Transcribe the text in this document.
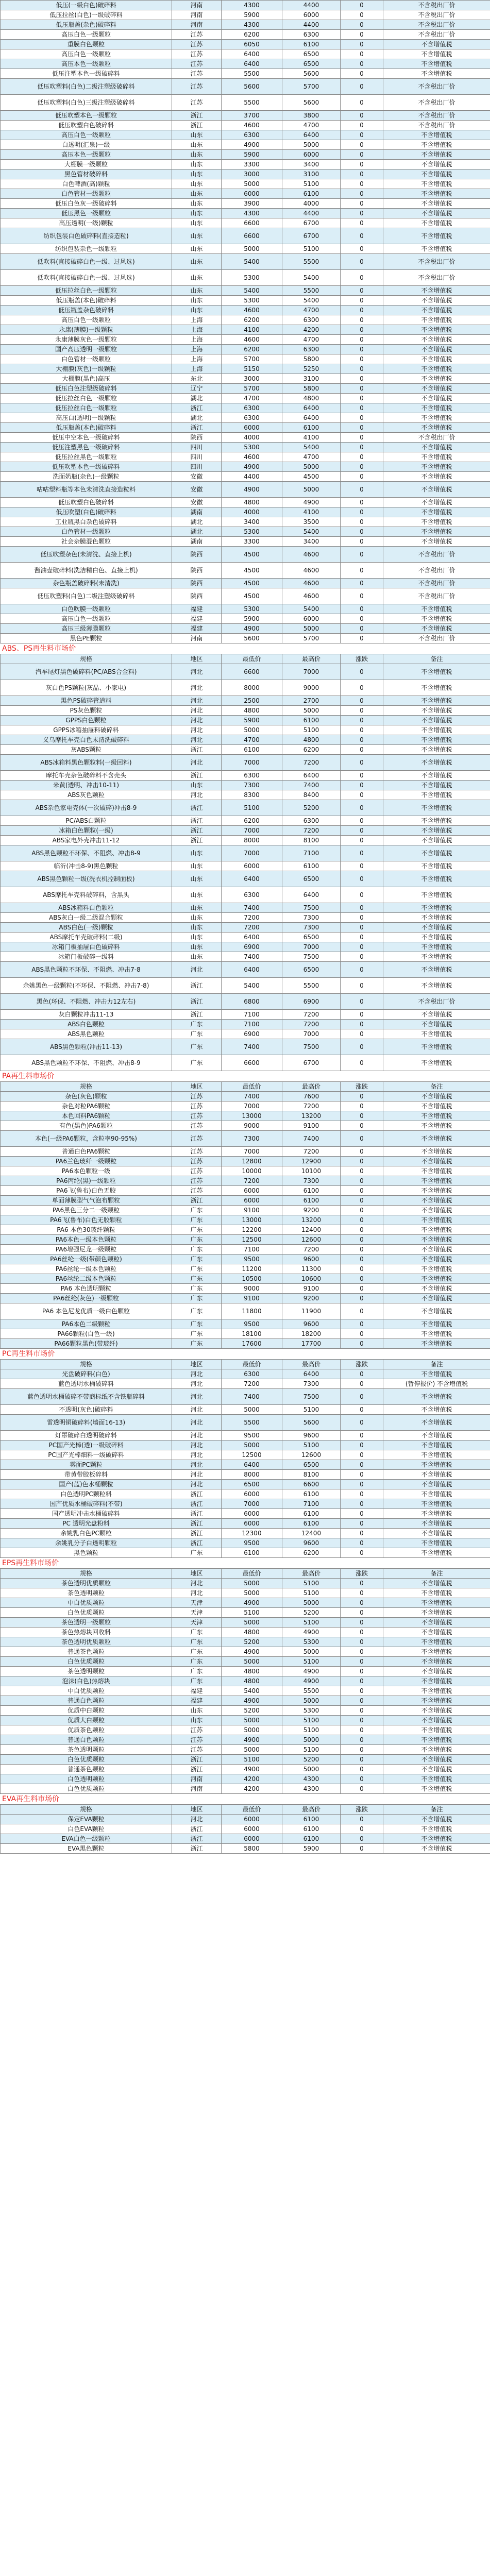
低压(一级白色)破碎料	河南	4300	4400	0	不含税出厂价
低压拉丝(白色)一级破碎料	河南	5900	6000	0	不含税出厂价
低压瓶盖(杂色)破碎料	河南	4300	4400	0	不含税出厂价
高压白色一级颗粒	江苏	6200	6300	0	不含税出厂价
重膜白色颗粒	江苏	6050	6100	0	不含增值税
高压白色一级颗粒	江苏	6400	6500	0	不含增值税
高压本色一级颗粒	江苏	6400	6500	0	不含增值税
低压注塑本色一级破碎料	江苏	5500	5600	0	不含增值税
低压吹塑料(白色)二级注塑级破碎料	江苏	5600	5700	0	不含税出厂价
低压吹塑料(白色)三级注塑级破碎料	江苏	5500	5600	0	不含税出厂价
低压吹塑本色一级颗粒	浙江	3700	3800	0	不含税出厂价
低压吹塑白色破碎料	浙江	4600	4700	0	不含税出厂价
高压白色一级颗粒	山东	6300	6400	0	不含增值税
白透明(汇泉)一级	山东	4900	5000	0	不含增值税
高压本色一级颗粒	山东	5900	6000	0	不含增值税
大棚膜一级颗粒	山东	3300	3400	0	不含增值税
黑色管材破碎料	山东	3000	3100	0	不含增值税
白色啤酒(高)颗粒	山东	5000	5100	0	不含增值税
白色管材一级颗粒	山东	6000	6100	0	不含增值税
低压白色灰一级破碎料	山东	3900	4000	0	不含增值税
低压黑色一级颗粒	山东	4300	4400	0	不含增值税
高压透明(一级)颗粒	山东	6600	6700	0	不含增值税
纺织包装白色破碎料(直接造粒)	山东	6600	6700	0	不含增值税
纺织包装杂色一级颗粒	山东	5000	5100	0	不含增值税
低吹料(直接破碎白色一级、过风选)	山东	5400	5500	0	不含税出厂价
低吹料(直接破碎白色一级、过风选)	山东	5300	5400	0	不含税出厂价
低压拉丝白色一级颗粒	山东	5400	5500	0	不含增值税
低压瓶盖(本色)破碎料	山东	5300	5400	0	不含增值税
低压瓶盖杂色破碎料	山东	4600	4700	0	不含增值税
高压白色一级颗粒	上海	6200	6300	0	不含增值税
永康(薄膜)一级颗粒	上海	4100	4200	0	不含增值税
永康薄膜灰色一级颗粒	上海	4600	4700	0	不含增值税
国产高压透明一级颗粒	上海	6200	6300	0	不含增值税
白色管材一级颗粒	上海	5700	5800	0	不含增值税
大棚膜(灰色)一级颗粒	上海	5150	5250	0	不含增值税
大棚膜(黑色)高压	东北	3000	3100	0	不含增值税
低压白色注塑级破碎料	辽宁	5700	5800	0	不含增值税
低压拉丝白色一级颗粒	湖北	4700	4800	0	不含增值税
低压拉丝白色一级颗粒	浙江	6300	6400	0	不含增值税
高压白(透明)一级颗粒	湖北	6300	6400	0	不含增值税
低压瓶盖(本色)破碎料	浙江	6000	6100	0	不含增值税
低压中空本色一级破碎料	陕西	4000	4100	0	不含税出厂价
低压注塑黑色一级破碎料	四川	5300	5400	0	不含增值税
低压拉丝黑色一级颗粒	四川	4600	4700	0	不含增值税
低压吹塑本色一级破碎料	四川	4900	5000	0	不含增值税
洗面奶瓶(杂色)一级颗粒	安徽	4400	4500	0	不含增值税
咕咕塑料瓶等本色未清洗直接造粒料	安徽	4900	5000	0	不含增值税
低压吹塑白色破碎料	安徽	4800	4900	0	不含增值税
低压吹塑(白色)破碎料	湖南	4000	4100	0	不含增值税
工业瓶黑白杂色破碎料	湖北	3400	3500	0	不含增值税
白色管材一级颗粒	湖北	5300	5400	0	不含增值税
社会杂膜混色颗粒	湖南	3300	3400	0	不含增值税
低压吹塑杂色(未清洗、直接上机)	陕西	4500	4600	0	不含税出厂价
酱油壶破碎料(洗洁精白色、直接上机)	陕西	4500	4600	0	不含税出厂价
杂色瓶盖破碎料(未清洗)	陕西	4500	4600	0	不含税出厂价
低压吹塑料(白色)二级注塑级破碎料	陕西	4500	4600	0	不含税出厂价
白色吹膜一级颗粒	福建	5300	5400	0	不含增值税
高压白色一级颗粒	福建	5900	6000	0	不含增值税
高压三级薄膜颗粒	福建	4900	5000	0	不含增值税
黑色PE颗粒	河南	5600	5700	0	不含税出厂价
ABS、PS再生料市场价
规格	地区	最低价	最高价	涨跌	备注
汽车尾灯黑色破碎料(PC/ABS合金料)	河北	6600	7000	0	不含增值税
灰白色PS颗粒(灰晶、小家电)	河北	8000	9000	0	不含增值税
黑色PS破碎管道料	河北	2500	2700	0	不含增值税
PS灰色颗粒	河北	4800	5000	0	不含增值税
GPPS白色颗粒	河北	5900	6100	0	不含增值税
GPPS冰箱抽屉料破碎料	河北	5000	5100	0	不含增值税
义乌摩托车壳白色未清洗破碎料	河北	4700	4800	0	不含增值税
灰ABS颗粒	浙江	6100	6200	0	不含增值税
ABS冰箱料黑色颗粒料(一级回料)	河北	7000	7200	0	不含增值税
摩托车壳杂色破碎料不含壳头	浙江	6300	6400	0	不含增值税
米黄(透明、冲击10-11)	山东	7300	7400	0	不含增值税
ABS灰色颗粒	河北	8300	8400	0	不含增值税
ABS杂色家电壳体(一次破碎)冲击8-9	浙江	5100	5200	0	不含增值税
PC/ABS白颗粒	浙江	6200	6300	0	不含增值税
冰箱白色颗粒(一级)	浙江	7000	7200	0	不含增值税
ABS家电外壳冲击11-12	浙江	8000	8100	0	不含增值税
ABS黑色颗粒不环保、不阻燃、冲击8-9	山东	7000	7100	0	不含增值税
临沂(冲击8-9)黑色颗粒	山东	6000	6100	0	不含增值税
ABS黑色颗粒一级(洗衣机控制面板)	山东	6400	6500	0	不含增值税
ABS摩托车壳料破碎料，含黑头	山东	6300	6400	0	不含增值税
ABS冰箱料白色颗粒	山东	7400	7500	0	不含增值税
ABS灰白一级二级混合颗粒	山东	7200	7300	0	不含增值税
ABS白色(一级)颗粒	山东	7200	7300	0	不含增值税
ABS摩托车壳破碎料(二级)	山东	6400	6500	0	不含增值税
冰箱门板抽屉白色破碎料	山东	6900	7000	0	不含增值税
冰箱门板破碎一级料	山东	7400	7500	0	不含增值税
ABS黑色颗粒不环保、不阻燃、冲击7-8	河北	6400	6500	0	不含增值税
余姚黑色一级颗粒(不环保、不阻燃、冲击7-8)	浙江	5400	5500	0	不含增值税
黑色(环保、不阻燃、冲击力12左右)	浙江	6800	6900	0	不含税出厂价
灰白颗粒冲击11-13	浙江	7100	7200	0	不含增值税
ABS白色颗粒	广东	7100	7200	0	不含增值税
ABS黑色颗粒	广东	6900	7000	0	不含增值税
ABS黑色颗粒(冲击11-13)	广东	7400	7500	0	不含增值税
ABS黑色颗粒不环保、不阻燃、冲击8-9	广东	6600	6700	0	不含增值税
PA再生料市场价
规格	地区	最低价	最高价	涨跌	备注
杂色(灰色)颗粒	江苏	7400	7600	0	不含增值税
杂色对粒PA6颗粒	江苏	7000	7200	0	不含增值税
本色回料PA6颗粒	江苏	13000	13200	0	不含增值税
有色(黑色)PA6颗粒	江苏	9000	9100	0	不含增值税
本色(一级PA6颗粒，含粒率90-95%)	江苏	7300	7400	0	不含增值税
普通白色PA6颗粒	江苏	7000	7200	0	不含增值税
PA6兰色玻纤一级颗粒	江苏	12800	12900	0	不含增值税
PA6本色颗粒一级	江苏	10000	10100	0	不含增值税
PA6丙纶(黑)一级颗粒	江苏	7200	7300	0	不含增值税
PA6飞(鲁布)白色无胶	江苏	6000	6100	0	不含增值税
单面薄膜型气气泡布颗粒	浙江	6000	6100	0	不含增值税
PA6黑色三分二一级颗粒	广东	9100	9200	0	不含增值税
PA6飞(鲁布)白色无胶颗粒	广东	13000	13200	0	不含增值税
PA6 本色30玻纤颗粒	广东	12200	12400	0	不含增值税
PA6本色一级本色颗粒	广东	12500	12600	0	不含增值税
PA6增强尼龙一级颗粒	广东	7100	7200	0	不含增值税
PA6丝纶一级(带颜色颗粒)	广东	9500	9600	0	不含增值税
PA6丝纶一级本色颗粒	广东	11200	11300	0	不含增值税
PA6丝纶二级本色颗粒	广东	10500	10600	0	不含增值税
PA6 本色透明颗粒	广东	9000	9100	0	不含增值税
PA6丝纶(灰色)一级颗粒	广东	9100	9200	0	不含增值税
PA6 本色尼龙优质一级白色颗粒	广东	11800	11900	0	不含增值税
PA6本色二级颗粒	广东	9500	9600	0	不含增值税
PA66颗粒(白色一级)	广东	18100	18200	0	不含增值税
PA66颗粒黑色(带玻纤)	广东	17600	17700	0	不含增值税
PC再生料市场价
规格	地区	最低价	最高价	涨跌	备注
光盘破碎料(白色)	河北	6300	6400	0	不含增值税
蓝色透明水桶破碎料	河北	7200	7300	0	(暂停报价) 不含增值税
蓝色透明水桶破碎不带商标纸不含铁瓶碎料	河北	7400	7500	0	不含增值税
不透明(灰色)破碎料	河北	5000	5100	0	不含增值税
雷透明铜破碎料(墙面16-13)	河北	5500	5600	0	不含增值税
灯罩破碎白透明破碎料	河北	9500	9600	0	不含增值税
PC国产光棒(透)一级破碎料	河北	5000	5100	0	不含增值税
PC国产光棒细料一级破碎料	河北	12500	12600	0	不含增值税
雾面PC颗粒	河北	6400	6500	0	不含增值税
带黄带胶板碎料	河北	8000	8100	0	不含增值税
国产(蓝)色水桶颗粒	河北	6500	6600	0	不含增值税
白色透明PC颗粒料	浙江	6000	6100	0	不含增值税
国产优质水桶破碎料(不带)	浙江	7000	7100	0	不含增值税
国产透明冲击水桶破碎料	浙江	6000	6100	0	不含增值税
PC 透明光盘粉料	浙江	6000	6100	0	不含增值税
余姚乳白色PC颗粒	浙江	12300	12400	0	不含增值税
余姚乳分子白透明颗粒	浙江	9500	9600	0	不含增值税
黑色颗粒	广东	6100	6200	0	不含增值税
EPS再生料市场价
规格	地区	最低价	最高价	涨跌	备注
茶色透明优质颗粒	河北	5000	5100	0	不含增值税
茶色透明颗粒	河北	5000	5100	0	不含增值税
中白优质颗粒	天津	4900	5000	0	不含增值税
白色优质颗粒	天津	5100	5200	0	不含增值税
茶色透明一级颗粒	天津	5000	5100	0	不含增值税
茶色热熔块回收料	广东	4800	4900	0	不含增值税
茶色透明优质颗粒	广东	5200	5300	0	不含增值税
普通茶色颗粒	广东	4900	5000	0	不含增值税
白色优质颗粒	广东	5000	5100	0	不含增值税
茶色透明颗粒	广东	4800	4900	0	不含增值税
泡沫(白色)热熔块	广东	4800	4900	0	不含增值税
中白优质颗粒	福建	5400	5500	0	不含增值税
普通白色颗粒	福建	4900	5000	0	不含增值税
优质中白颗粒	山东	5200	5300	0	不含增值税
优质大白颗粒	山东	5000	5100	0	不含增值税
优质茶色颗粒	江苏	5000	5100	0	不含增值税
普通白色颗粒	江苏	4900	5000	0	不含增值税
茶色透明颗粒	江苏	5000	5100	0	不含增值税
白色优质颗粒	浙江	5100	5200	0	不含增值税
普通茶色颗粒	浙江	4900	5000	0	不含增值税
白色透明颗粒	河南	4200	4300	0	不含增值税
白色优质颗粒	河南	4200	4300	0	不含增值税
EVA再生料市场价
规格	地区	最低价	最高价	涨跌	备注
保定EVA颗粒	河北	6000	6100	0	不含增值税
白色EVA颗粒	浙江	6000	6100	0	不含增值税
EVA白色一级颗粒	浙江	6000	6100	0	不含增值税
EVA黑色颗粒	浙江	5800	5900	0	不含增值税
